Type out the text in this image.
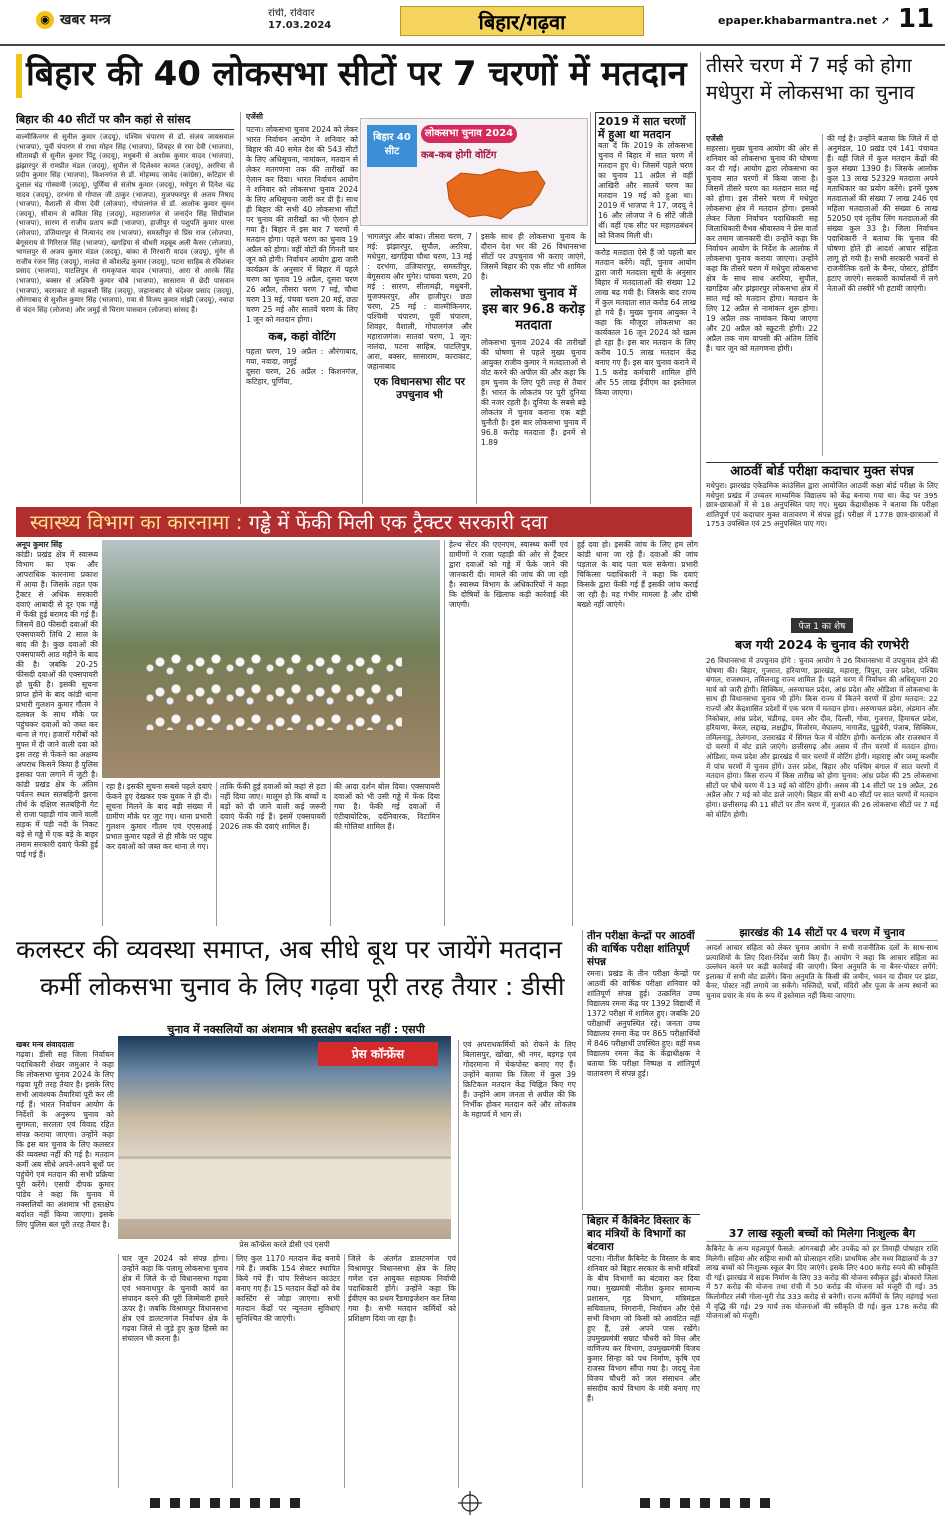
◉ खबर मन्त्र	रांची, रविवार
17.03.2024	बिहार/गढ़वा	epaper.khabarmantra.net ➚ 11
बिहार की 40 लोकसभा सीटों पर 7 चरणों में मतदान तीसरे चरण में 7 मई को होगा मधेपुरा में लोकसभा का चुनाव
बिहार की 40 सीटों पर कौन कहां से सांसद
वाल्मीकिनगर से सुनील कुमार (जदयू), पश्चिम चंपारण से डॉ. संजय जायसवाल (भाजपा), पूर्वी चंपारण से राधा मोहन सिंह (भाजपा), शिवहर से रमा देवी (भाजपा), सीतामढ़ी से सुनील कुमार पिंटू (जदयू), मधुबनी से अशोक कुमार यादव (भाजपा), झंझारपुर से रामप्रीत मंडल (जदयू), सुपौल से दिलेश्वर कामत (जदयू), अररिया से प्रदीप कुमार सिंह (भाजपा), किशनगंज से डॉ. मोहम्मद जावेद (कांग्रेस), कटिहार से दुलाल चंद्र गोस्वामी (जदयू), पूर्णिया से संतोष कुमार (जदयू), मधेपुरा से दिनेश चंद्र यादव (जदयू), दरभंगा से गोपाल जी ठाकुर (भाजपा), मुजफ्फरपुर से अजय निषाद (भाजपा), वैशाली से वीणा देवी (लोजपा), गोपालगंज से डॉ. आलोक कुमार सुमन (जदयू), सीवान से कविता सिंह (जदयू), महाराजगंज से जनार्दन सिंह सिग्रीवाल (भाजपा), सारण से राजीव प्रताप रूडी (भाजपा), हाजीपुर से पशुपति कुमार पारस (लोजपा), उजियारपुर से नित्यानंद राय (भाजपा), समस्तीपुर से प्रिंस राज (लोजपा), बेगूसराय से गिरिराज सिंह (भाजपा), खगड़िया से चौधरी महबूब अली कैसर (लोजपा), भागलपुर से अजय कुमार मंडल (जदयू), बांका से गिरधारी यादव (जदयू), मुंगेर से राजीव रंजन सिंह (जदयू), नालंदा से कौशलेंद्र कुमार (जदयू), पटना साहिब से रविशंकर प्रसाद (भाजपा), पाटलिपुत्र से रामकृपाल यादव (भाजपा), आरा से आरके सिंह (भाजपा), बक्सर से अश्विनी कुमार चौबे (भाजपा), सासाराम से छेदी पासवान (भाजपा), काराकाट से महाबली सिंह (जदयू), जहानाबाद से चंदेश्वर प्रसाद (जदयू), औरंगाबाद से सुशील कुमार सिंह (भाजपा), गया से विजय कुमार मांझी (जदयू), नवादा से चंदन सिंह (लोजपा) और जमुई से चिराग पासवान (लोजपा) सांसद हैं।
एजेंसी
पटना। लोकसभा चुनाव 2024 को लेकर भारत निर्वाचन आयोग ने शनिवार को बिहार की 40 समेत देश की 543 सीटों के लिए अधिसूचना, नामांकन, मतदान से लेकर मतगणना तक की तारीखों का ऐलान कर दिया। भारत निर्वाचन आयोग ने शनिवार को लोकसभा चुनाव 2024 के लिए अधिसूचना जारी कर दी है। साथ ही बिहार की सभी 40 लोकसभा सीटों पर चुनाव की तारीखों का भी ऐलान हो गया है। बिहार में इस बार 7 चरणों में मतदान होगा। पहले चरण का चुनाव 19 अप्रैल को होगा। वहीं वोटों की गिनती चार जून को होगी। निर्वाचन आयोग द्वारा जारी कार्यक्रम के अनुसार में बिहार में पहले चरण का चुनाव 19 अप्रैल, दूसरा चरण 26 अप्रैल, तीसरा चरण 7 मई, चौथा चरण 13 मई, पंचवा चरण 20 मई, छठा चरण 25 मई और सातवें चरण के लिए 1 जून को मतदान होगा।
कब, कहां वोटिंग
पहला चरण, 19 अप्रैल : औरंगाबाद, गया, नवादा, जमुई
दूसरा चरण, 26 अप्रैल : किशनगंज, कटिहार, पूर्णिया,
बिहार 40 सीट
लोकसभा चुनाव 2024
कब-कब होगी वोटिंग
भागलपुर और बांका। तीसरा चरण, 7 मई: झंझारपुर, सुपौल, अररिया, मधेपुरा, खगड़िया चौथा चरण, 13 मई : दरभंगा, उजियारपुर, समस्तीपुर, बेगूसराय और मुंगेर। पांचवा चरण, 20 मई : सारण, सीतामढ़ी, मधुबनी, मुजफ्फरपुर, और हाजीपुर। छठा चरण, 25 मई : वाल्मीकिनगर, पश्चिमी चंपारण, पूर्वी चंपारण, शिवहर, वैशाली, गोपालगंज और महाराजगंज। सातवां चरण, 1 जून: नालंदा, पटना साहिब, पाटलिपुत्र, आरा, बक्सर, सासाराम, काराकाट, जहानाबाद
एक विधानसभा सीट पर उपचुनाव भी
इसके साथ ही लोकसभा चुनाव के दौरान देश भर की 26 विधानसभा सीटों पर उपचुनाव भी कराए जाएंगे, जिसमें बिहार की एक सीट भी शामिल है।
लोकसभा चुनाव में इस बार 96.8 करोड़ मतदाता
लोकसभा चुनाव 2024 की तारीखों की घोषणा से पहले मुख्य चुनाव आयुक्त राजीव कुमार ने मतदाताओं से वोट करने की अपील की और कहा कि हम चुनाव के लिए पूरी तरह से तैयार हैं। भारत के लोकतंत्र पर पूरी दुनिया की नजर रहती है। दुनिया के सबसे बड़े लोकतंत्र में चुनाव कराना एक बड़ी चुनौती है। इस बार लोकसभा चुनाव में 96.8 करोड़ मतदाता हैं। इनमें से 1.89
2019 में सात चरणों में हुआ था मतदान
बता दें कि 2019 के लोकसभा चुनाव में बिहार में सात चरण में मतदान हुए थे। जिसमें पहले चरण का चुनाव 11 अप्रैल से वहीं आखिरी और सातवें चरण का मतदान 19 मई को हुआ था। 2019 में भाजपा ने 17, जदयू ने 16 और लोजपा ने 6 सीटें जीती थीं। वहीं एक सीट पर महागठबंधन को विजय मिली थी।
करोड़ मतदाता ऐसे हैं जो पहली बार मतदान करेंगे। वहीं, चुनाव आयोग द्वारा जारी मतदाता सूची के अनुसार बिहार में मतदाताओं की संख्या 12 लाख बढ़ गयी है। जिसके बाद राज्य में कुल मतदाता सात करोड़ 64 लाख हो गये हैं। मुख्य चुनाव आयुक्त ने कहा कि मौजूदा लोकसभा का कार्यकाल 16 जून 2024 को खत्म हो रहा है। इस बार मतदान के लिए करीब 10.5 लाख मतदान केंद्र बनाए गए हैं। इस बार चुनाव कराने में 1.5 करोड़ कर्मचारी शामिल होंगे और 55 लाख ईवीएम का इस्तेमाल किया जाएगा।
एजेंसी
सहरसा। मुख्य चुनाव आयोग की ओर से शनिवार को लोकसभा चुनाव की घोषणा कर दी गई। आयोग द्वारा लोकसभा का चुनाव सात चरणों में किया जाना है। जिसमें तीसरे चरण का मतदान सात मई को होगा। इस तीसरे चरण में मधेपुरा लोकसभा क्षेत्र में मतदान होगा। इसको लेकर जिला निर्वाचन पदाधिकारी सह जिलाधिकारी वैभव श्रीवास्तव ने प्रेस वार्ता कर तमाम जानकारी दी। उन्होंने कहा कि निर्वाचन आयोग के निर्देश के आलोक में लोकसभा चुनाव कराया जाएगा। उन्होंने कहा कि तीसरे चरण में मधेपुरा लोकसभा क्षेत्र के साथ साथ अररिया, सुपौल, खगड़िया और झंझारपुर लोकसभा क्षेत्र में सात मई को मतदान होगा। मतदान के लिए 12 अप्रैल से नामांकन शुरू होगा। 19 अप्रैल तक नामांकन किया जाएगा और 20 अप्रैल को स्क्रूटनी होगी। 22 अप्रैल तक नाम वापसी की अंतिम तिथि है। चार जून को मतगणना होगी।
की गई है। उन्होंने बताया कि जिले में दो अनुमंडल, 10 प्रखंड एवं 141 पंचायत हैं। वहीं जिले में कुल मतदान केंद्रों की कुल संख्या 1390 है। जिसके आलोक कुल 13 लाख 52329 मतदाता अपने मताधिकार का प्रयोग करेंगे। इनमें पुरुष मतदाताओं की संख्या 7 लाख 246 एवं महिला मतदाताओं की संख्या 6 लाख 52050 एवं तृतीय लिंग मतदाताओं की संख्या कुल 33 है। जिला निर्वाचन पदाधिकारी ने बताया कि चुनाव की घोषणा होते ही आदर्श आचार संहिता लागू हो गयी है। सभी सरकारी भवनों से राजनीतिक दलों के बैनर, पोस्टर, होर्डिंग हटाए जाएंगे। सरकारी कार्यालयों में लगे नेताओं की तस्वीरें भी हटायी जाएंगी।
आठवीं बोर्ड परीक्षा कदाचार मुक्त संपन्न
मधेपुरा। झारखंड एकेडमिक काउंसिल द्वारा आयोजित आठवीं कक्षा बोर्ड परीक्षा के लिए मधेपुरा प्रखंड में उच्चतर माध्यमिक विद्यालय को केंद्र बनाया गया था। केंद्र पर 395 छात्र-छात्राओं में से 18 अनुपस्थित पाए गए। मुख्य केंद्राधीक्षक ने बताया कि परीक्षा शांतिपूर्ण एवं कदाचार मुक्त वातावरण में संपन्न हुई। परीक्षा में 1778 छात्र-छात्राओं में 1753 उपस्थित एवं 25 अनुपस्थित पाए गए।
पेज 1 का शेष
बज गयी 2024 के चुनाव की रणभेरी
26 विधानसभा में उपचुनाव होंगे : चुनाव आयोग ने 26 विधानसभा में उपचुनाव होने की घोषणा की। बिहार, गुजरात, हरियाणा, झारखंड, महाराष्ट्र, त्रिपुरा, उत्तर प्रदेश, पश्चिम बंगाल, राजस्थान, तमिलनाडु राज्य शामिल हैं। पहले चरण में निर्वाचन की अधिसूचना 20 मार्च को जारी होगी। सिक्किम, अरुणाचल प्रदेश, आंध्र प्रदेश और ओडिशा में लोकसभा के साथ ही विधानसभा चुनाव भी होंगे। किस राज्य में कितने चरणों में होगा मतदान: 22 राज्यों और केंद्रशासित प्रदेशों में एक चरण में मतदान होगा। अरुणाचल प्रदेश, अंडमान और निकोबार, आंध्र प्रदेश, चंडीगढ़, दमन और दीव, दिल्ली, गोवा, गुजरात, हिमाचल प्रदेश, हरियाणा, केरल, लद्दाख, लक्षद्वीप, मिजोरम, मेघालय, नागालैंड, पुडुचेरी, पंजाब, सिक्किम, तमिलनाडु, तेलंगाना, उत्तराखंड में सिंगल फेज में वोटिंग होगी। कर्नाटक और राजस्थान में दो चरणों में वोट डाले जाएंगे। छत्तीसगढ़ और असम में तीन चरणों में मतदान होगा। ओडिशा, मध्य प्रदेश और झारखंड में चार चरणों में वोटिंग होगी। महाराष्ट्र और जम्मू कश्मीर में पांच चरणों में चुनाव होंगे। उत्तर प्रदेश, बिहार और पश्चिम बंगाल में सात चरणों में मतदान होगा। किस राज्य में किस तारीख को होगा चुनाव: आंध्र प्रदेश की 25 लोकसभा सीटों पर चौथे चरण में 13 मई को वोटिंग होगी। असम की 14 सीटों पर 19 अप्रैल, 26 अप्रैल और 7 मई को वोट डाले जाएंगे। बिहार की सभी 40 सीटों पर सात चरणों में मतदान होगा। छत्तीसगढ़ की 11 सीटों पर तीन चरण में, गुजरात की 26 लोकसभा सीटों पर 7 मई को वोटिंग होगी।
झारखंड की 14 सीटों पर 4 चरण में चुनाव
आदर्श आचार संहिता को लेकर चुनाव आयोग ने सभी राजनीतिक दलों के साथ-साथ प्रत्याशियों के लिए दिशा-निर्देश जारी किए हैं। आयोग ने कहा कि आचार संहिता का उल्लंघन करने पर कड़ी कार्रवाई की जाएगी। बिना अनुमति के ना बैनर-पोस्टर लगेंगे: इलाका में सभी वोट डालेंगे। बिना अनुमति के किसी की जमीन, भवन या दीवार पर झंडा, बैनर, पोस्टर नहीं लगाये जा सकेंगे। मस्जिदों, चर्चों, मंदिरों और पूजा के अन्य स्थानों का चुनाव प्रचार के मंच के रूप में इस्तेमाल नहीं किया जाएगा।
37 लाख स्कूली बच्चों को मिलेगा निःशुल्क बैग
कैबिनेट के अन्य महत्वपूर्ण फैसले: आंगनबाड़ी और उपकेंद्र को हर तिमाही पोषाहार राशि मिलेगी। सहिया और सहिया साथी को प्रोत्साहन राशि। प्राथमिक और मध्य विद्यालयों के 37 लाख बच्चों को निःशुल्क स्कूल बैग दिए जाएंगे। इसके लिए 400 करोड़ रुपये की स्वीकृति दी गई। झारखंड में सड़क निर्माण के लिए 33 करोड़ की योजना स्वीकृत हुई। बोकारो जिला में 57 करोड़ की योजना तथा रांची में 50 करोड़ की योजना को मंजूरी दी गई। 35 किलोमीटर लंबी गोला-मुरी रोड 333 करोड़ से बनेगी। राज्य कर्मियों के लिए महंगाई भत्ता में वृद्धि की गई। 29 मार्च तक योजनाओं की स्वीकृति दी गई। कुल 178 करोड़ की योजनाओं को मंजूरी।
स्वास्थ्य विभाग का कारनामा : गड्ढे में फेंकी मिली एक ट्रैक्टर सरकारी दवा
अनूप कुमार सिंह
कांडी। प्रखंड क्षेत्र में स्वास्थ्य विभाग का एक और आपराधिक कारनामा प्रकाश में आया है। जिसके तहत एक ट्रैक्टर से अधिक सरकारी दवाएं आबादी से दूर एक गड्ढे में फेंकी हुई बरामद की गई हैं। जिसमें 80 फीसदी दवाओं की एक्सपायरी तिथि 2 साल के बाद की है। कुछ दवाओं की एक्सपायरी आठ महीने के बाद की है। जबकि 20-25 फीसदी दवाओं की एक्सपायरी हो चुकी है। इसकी सूचना प्राप्त होने के बाद कांडी थाना प्रभारी गुलशन कुमार गौतम ने दलबल के साथ मौके पर पहुंचकर दवाओं को जब्त कर थाना ले गए। हजारों गरीबों को मुफ्त में दी जाने वाली दवा को इस तरह से फेंकने का अक्षम्य अपराध किसने किया है पुलिस इसका पता लगाने में जुटी है। कांडी प्रखंड क्षेत्र के अंतिम पर्वतन स्थल सतबहिनी झरना तीर्थ के दक्षिण सतबहिनी गेट से राजा पहाड़ी गांव जाने वाली सड़क में पड़ी नदी के निकट बड़े से गड्ढे में एक बड़े के बाहर तमाम सरकारी दवाएं फेंकी हुई पाई गई हैं।
रहा है। इसकी सूचना सबसे पहले दवाएं फेंकने हुए देखकर एक युवक ने ही दी। सूचना मिलने के बाद बड़ी संख्या में ग्रामीण मौके पर जुट गए। थाना प्रभारी गुलशन कुमार गौतम एवं एएसआई प्रभात कुमार पहले से ही मौके पर पहुंच कर दवाओं को जब्त कर थाना ले गए।
ताकि फेंकी हुई दवाओं को कहां से हटा नहीं दिया जाए। मालूम हो कि बच्चों व बड़ों को दी जाने वाली कई जरूरी दवाएं फेंकी गई हैं। इसमें एक्सपायरी 2026 तक की दवाएं शामिल हैं।
की आदा दर्शन बोल दिया। एक्सपायरी दवाओं को भी उसी गड्ढे में फेंक दिया गया है। फेंकी गई दवाओं में एंटीबायोटिक, दर्दनिवारक, विटामिन की गोलियां शामिल हैं।
हेल्थ सेंटर की एएनएम, स्वास्थ्य कर्मी एवं ग्रामीणों ने राजा पहाड़ी की ओर से ट्रैक्टर द्वारा दवाओं को गड्ढे में फेंके जाने की जानकारी दी। मामले की जांच की जा रही है। स्वास्थ्य विभाग के अधिकारियों ने कहा कि दोषियों के खिलाफ कड़ी कार्रवाई की जाएगी।
हुई दवा हो। इसकी जांच के लिए हम लोग कांडी थाना जा रहे हैं। दवाओं की जांच पड़ताल के बाद पता चल सकेगा। प्रभारी चिकित्सा पदाधिकारी ने कहा कि दवाएं किसके द्वारा फेंकी गई हैं इसकी जांच कराई जा रही है। यह गंभीर मामला है और दोषी बख्शे नहीं जाएंगे।
कलस्टर की व्यवस्था समाप्त, अब सीधे बूथ पर जायेंगे मतदान
कर्मी लोकसभा चुनाव के लिए गढ़वा पूरी तरह तैयार : डीसी
चुनाव में नक्सलियों का अंशमात्र भी हस्तक्षेप बर्दाश्त नहीं : एसपी
खबर मन्त्र संवाददाता
गढ़वा। डीसी सह जिला निर्वाचन पदाधिकारी शेखर जमुआर ने कहा कि लोकसभा चुनाव 2024 के लिए गढ़वा पूरी तरह तैयार है। इसके लिए सभी आवश्यक तैयारियां पूरी कर ली गई हैं। भारत निर्वाचन आयोग के निर्देशों के अनुरूप चुनाव को सुगमता, सरलता एवं विवाद रहित संपन्न कराया जाएगा। उन्होंने कहा कि इस बार चुनाव के लिए कलस्टर की व्यवस्था नहीं की गई है। मतदान कर्मी अब सीधे अपने-अपने बूथों पर पहुंचेंगे एवं मतदान की सभी प्रक्रिया पूरी करेंगे। एसपी दीपक कुमार पांडेय ने कहा कि चुनाव में नक्सलियों का अंशमात्र भी हस्तक्षेप बर्दाश्त नहीं किया जाएगा। इसके लिए पुलिस बल पूरी तरह तैयार है।
प्रेस कॉन्फ्रेंस
प्रेस कॉन्फ्रेंस करते डीसी एवं एसपी
चार जून 2024 को संपन्न होगा। उन्होंने कहा कि पलामू लोकसभा चुनाव क्षेत्र में जिले के दो विधानसभा गढ़वा एवं भवनाथपुर के चुनावी कार्य का संपादन करने की पूरी जिम्मेवारी हमारे ऊपर है। जबकि विश्रामपुर विधानसभा क्षेत्र एवं डालटनगंज निर्वाचन क्षेत्र के गढ़वा जिले से जुड़े हुए कुछ हिस्से का संचालन भी करना है।
लिए कुल 1170 मतदान केंद्र बनाये गये हैं। जबकि 154 सेक्टर स्थापित किये गये हैं। पांच रिसेप्शन काउंटर बनाए गए हैं। 15 मतदान केंद्रों को वेब कास्टिंग से जोड़ा जाएगा। सभी मतदान केंद्रों पर न्यूनतम सुविधाएं सुनिश्चित की जाएंगी।
जिले के अंतर्गत डालटनगंज एवं विश्रामपुर विधानसभा क्षेत्र के लिए गणेश दत्त आयुक्त सहायक निर्वाची पदाधिकारी होंगे। उन्होंने कहा कि ईवीएम का प्रथम रैंडमाइजेशन कर लिया गया है। सभी मतदान कर्मियों को प्रशिक्षण दिया जा रहा है।
एवं अपराधकर्मियों को रोकने के लिए बिलासपुर, खोंखा, श्री नगर, बड़गड़ एवं गोदरमाना में चेकपोस्ट बनाए गए हैं। उन्होंने बताया कि जिला में कुल 39 क्रिटिकल मतदान केंद्र चिह्नित किए गए हैं। उन्होंने आम जनता से अपील की कि निर्भीक होकर मतदान करें और लोकतंत्र के महापर्व में भाग लें।
तीन परीक्षा केन्द्रों पर आठवीं की वार्षिक परीक्षा शांतिपूर्ण संपन्न
रमना। प्रखंड के तीन परीक्षा केन्द्रों पर आठवीं की वार्षिक परीक्षा शनिवार को शांतिपूर्ण संपन्न हुई। उत्क्रमित उच्च विद्यालय रमना केंद्र पर 1392 विद्यार्थी में 1372 परीक्षा में शामिल हुए। जबकि 20 परीक्षार्थी अनुपस्थित रहे। जनता उच्च विद्यालय रमना केंद्र पर 865 परीक्षार्थियों में 846 परीक्षार्थी उपस्थित हुए। वहीं मध्य विद्यालय रमना केंद्र के केंद्राधीक्षक ने बताया कि परीक्षा निष्पक्ष व शांतिपूर्ण वातावरण में संपन्न हुई।
बिहार में कैबिनेट विस्तार के बाद मंत्रियों के विभागों का बंटवारा
पटना। नीतीश कैबिनेट के विस्तार के बाद शनिवार को बिहार सरकार के सभी मंत्रियों के बीच विभागों का बंटवारा कर दिया गया। मुख्यमंत्री नीतीश कुमार सामान्य प्रशासन, गृह विभाग, मंत्रिमंडल सचिवालय, निगरानी, निर्वाचन और ऐसे सभी विभाग जो किसी को आवंटित नहीं हुए हैं, उसे अपने पास रखेंगे। उपमुख्यमंत्री सम्राट चौधरी को वित्त और वाणिज्य कर विभाग, उपमुख्यमंत्री विजय कुमार सिन्हा को पथ निर्माण, कृषि एवं राजस्व विभाग सौंपा गया है। जदयू नेता विजय चौधरी को जल संसाधन और संसदीय कार्य विभाग के मंत्री बनाए गए हैं।
